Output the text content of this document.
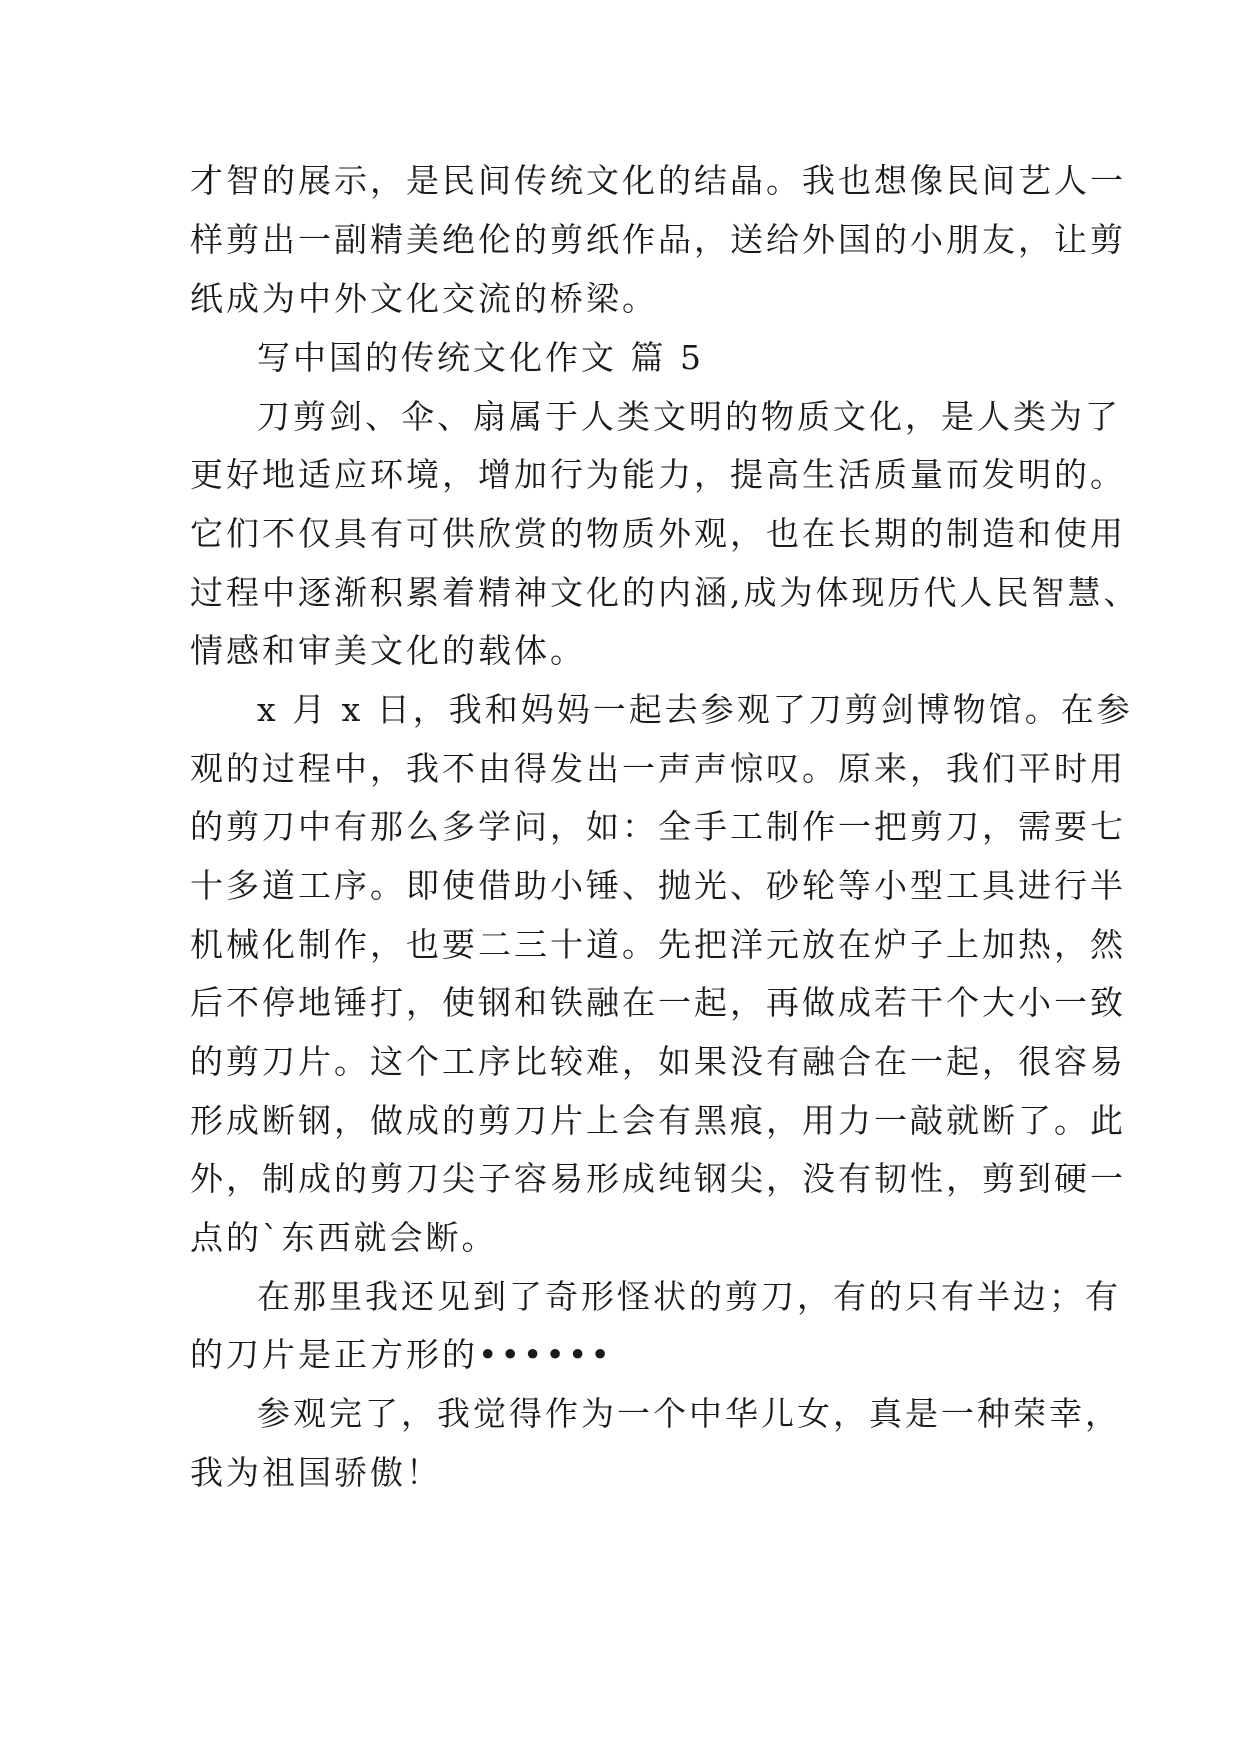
才智的展示，是民间传统文化的结晶。我也想像民间艺人一
样剪出一副精美绝伦的剪纸作品，送给外国的小朋友，让剪
纸成为中外文化交流的桥梁。
写中国的传统文化作文 篇 5
刀剪剑、伞、扇属于人类文明的物质文化，是人类为了
更好地适应环境，增加行为能力，提高生活质量而发明的。
它们不仅具有可供欣赏的物质外观，也在长期的制造和使用
过程中逐渐积累着精神文化的内涵,成为体现历代人民智慧、
情感和审美文化的载体。
x 月 x 日，我和妈妈一起去参观了刀剪剑博物馆。在参
观的过程中，我不由得发出一声声惊叹。原来，我们平时用
的剪刀中有那么多学问，如：全手工制作一把剪刀，需要七
十多道工序。即使借助小锤、抛光、砂轮等小型工具进行半
机械化制作，也要二三十道。先把洋元放在炉子上加热，然
后不停地锤打，使钢和铁融在一起，再做成若干个大小一致
的剪刀片。这个工序比较难，如果没有融合在一起，很容易
形成断钢，做成的剪刀片上会有黑痕，用力一敲就断了。此
外，制成的剪刀尖子容易形成纯钢尖，没有韧性，剪到硬一
点的`东西就会断。
在那里我还见到了奇形怪状的剪刀，有的只有半边；有
的刀片是正方形的••••••
参观完了，我觉得作为一个中华儿女，真是一种荣幸，
我为祖国骄傲！
